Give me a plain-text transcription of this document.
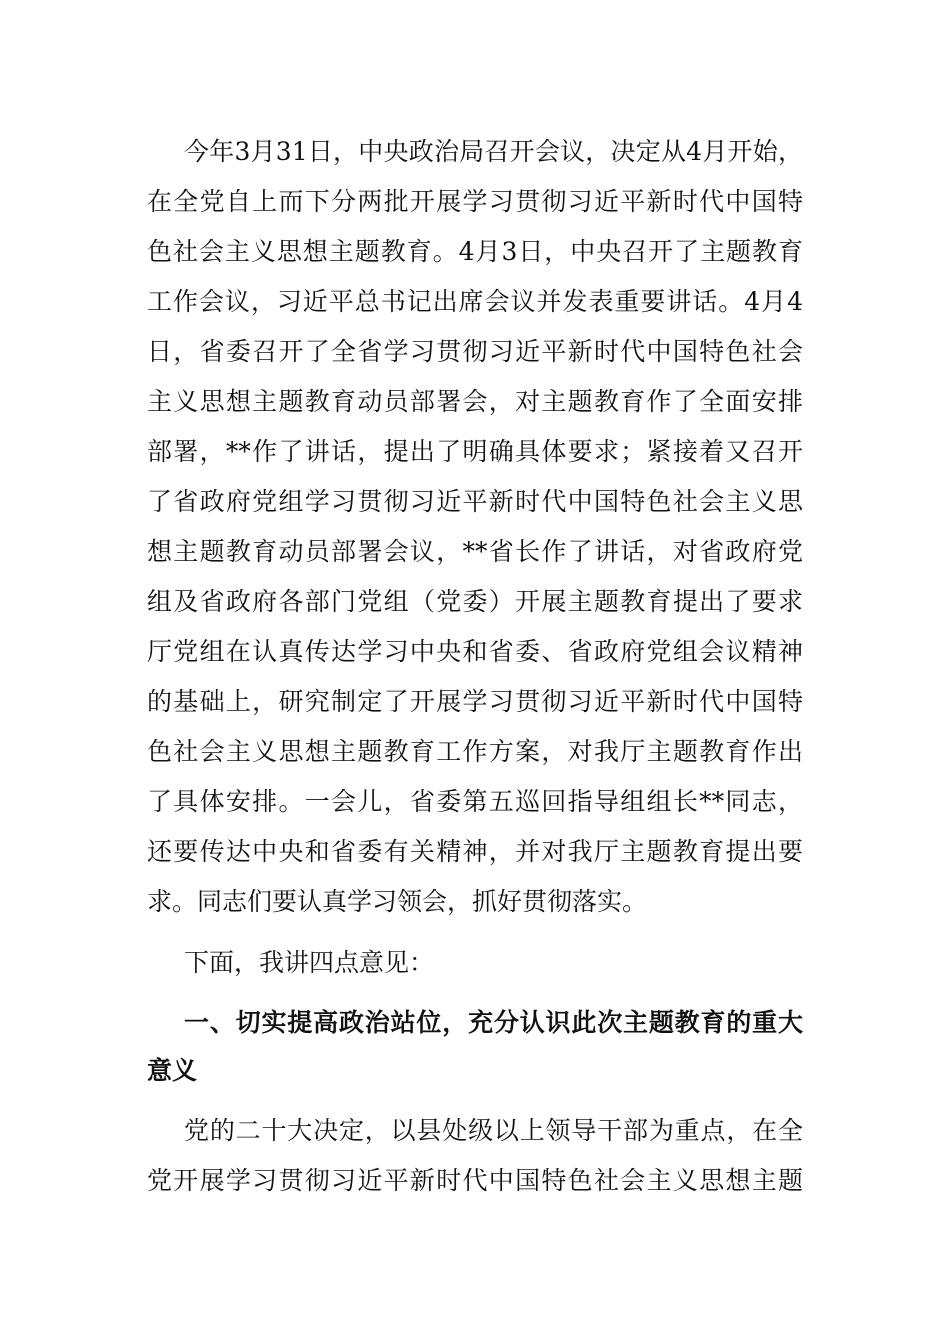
今年3月31日，中央政治局召开会议，决定从4月开始，
在全党自上而下分两批开展学习贯彻习近平新时代中国特
色社会主义思想主题教育。4月3日，中央召开了主题教育
工作会议，习近平总书记出席会议并发表重要讲话。4月4
日，省委召开了全省学习贯彻习近平新时代中国特色社会
主义思想主题教育动员部署会，对主题教育作了全面安排
部署，**作了讲话，提出了明确具体要求；紧接着又召开
了省政府党组学习贯彻习近平新时代中国特色社会主义思
想主题教育动员部署会议，**省长作了讲话，对省政府党
组及省政府各部门党组（党委）开展主题教育提出了要求
厅党组在认真传达学习中央和省委、省政府党组会议精神
的基础上，研究制定了开展学习贯彻习近平新时代中国特
色社会主义思想主题教育工作方案，对我厅主题教育作出
了具体安排。一会儿，省委第五巡回指导组组长**同志，
还要传达中央和省委有关精神，并对我厅主题教育提出要
求。同志们要认真学习领会，抓好贯彻落实。
下面，我讲四点意见：
一、切实提高政治站位，充分认识此次主题教育的重大
意义
党的二十大决定，以县处级以上领导干部为重点，在全
党开展学习贯彻习近平新时代中国特色社会主义思想主题
